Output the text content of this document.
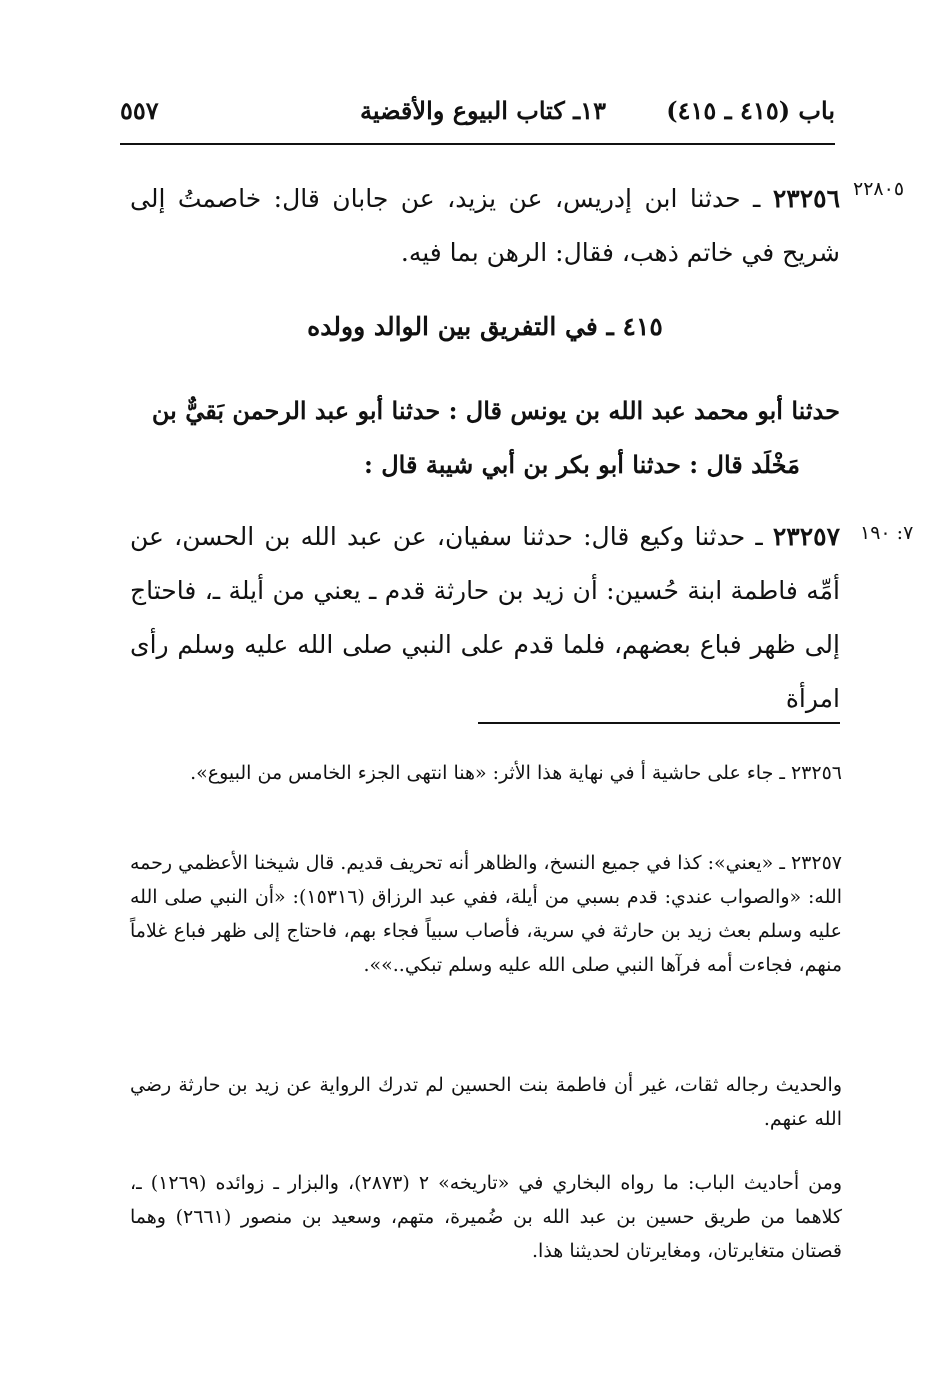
باب (٤١٥ ـ ٤١٥)
١٣ـ كتاب البيوع والأقضية
٥٥٧
٢٢٨٠٥
٢٣٢٥٦ ـ حدثنا ابن إدريس، عن يزيد، عن جابان قال: خاصمتُ إلى شريح في خاتم ذهب، فقال: الرهن بما فيه.
٤١٥ ـ في التفريق بين الوالد وولده
حدثنا أبو محمد عبد الله بن يونس قال : حدثنا أبو عبد الرحمن بَقيٌّ بن
مَخْلَد قال : حدثنا أبو بكر بن أبي شيبة قال :
٧: ١٩٠
٢٣٢٥٧ ـ حدثنا وكيع قال: حدثنا سفيان، عن عبد الله بن الحسن، عن أمِّه فاطمة ابنة حُسين: أن زيد بن حارثة قدم ـ يعني من أيلة ـ، فاحتاج إلى ظهر فباع بعضهم، فلما قدم على النبي صلى الله عليه وسلم رأى امرأة
٢٣٢٥٦ ـ جاء على حاشية أ في نهاية هذا الأثر: «هنا انتهى الجزء الخامس من البيوع».
٢٣٢٥٧ ـ «يعني»: كذا في جميع النسخ، والظاهر أنه تحريف قديم. قال شيخنا الأعظمي رحمه الله: «والصواب عندي: قدم بسبي من أيلة، ففي عبد الرزاق (١٥٣١٦): «أن النبي صلى الله عليه وسلم بعث زيد بن حارثة في سرية، فأصاب سبياً فجاء بهم، فاحتاج إلى ظهر فباع غلاماً منهم، فجاءت أمه فرآها النبي صلى الله عليه وسلم تبكي..»».
والحديث رجاله ثقات، غير أن فاطمة بنت الحسين لم تدرك الرواية عن زيد بن حارثة رضي الله عنهم.
ومن أحاديث الباب: ما رواه البخاري في «تاريخه» ٢ (٢٨٧٣)، والبزار ـ زوائده (١٢٦٩) ـ، كلاهما من طريق حسين بن عبد الله بن ضُميرة، متهم، وسعيد بن منصور (٢٦٦١) وهما قصتان متغايرتان، ومغايرتان لحديثنا هذا.
